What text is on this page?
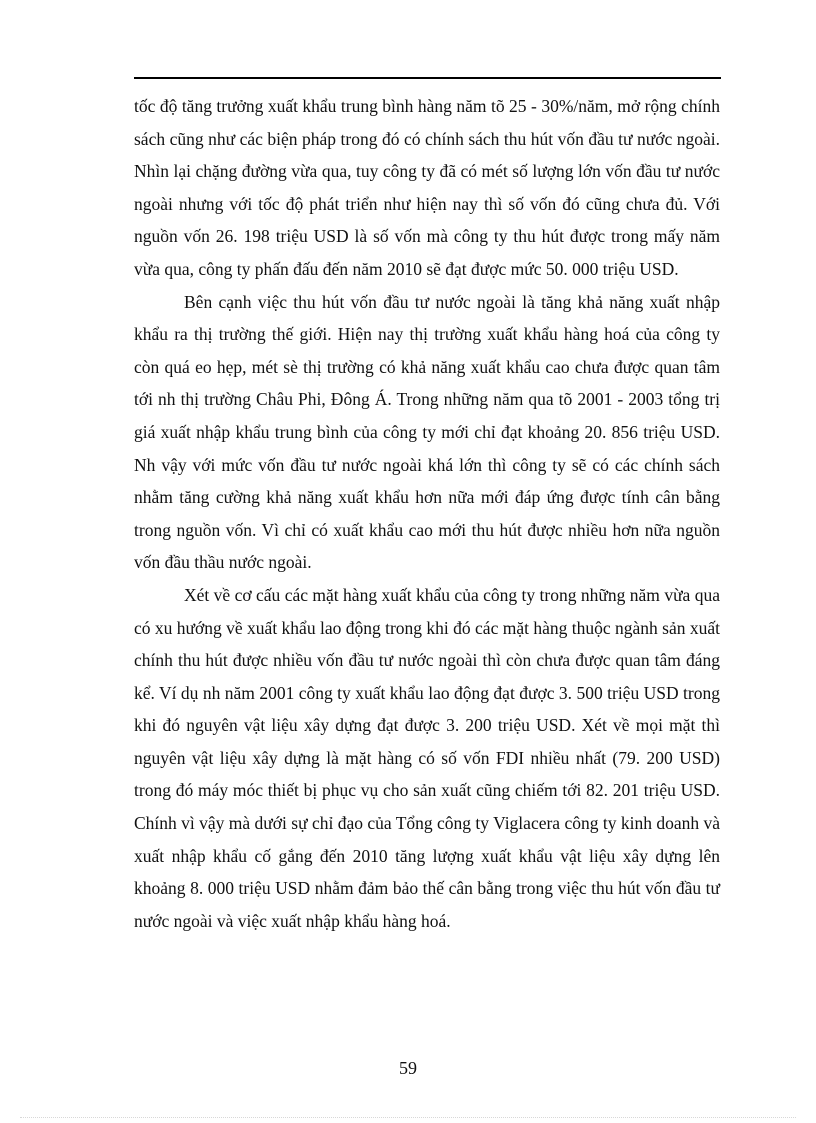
tốc độ tăng trưởng xuất khẩu trung bình hàng năm tõ 25 - 30%/năm, mở rộng chính sách cũng như các biện pháp trong đó có chính sách thu hút vốn đầu tư nước ngoài. Nhìn lại chặng đường vừa qua, tuy công ty đã có mét số lượng lớn vốn đầu tư nước ngoài nhưng với tốc độ phát triển như hiện nay thì số vốn đó cũng chưa đủ. Với nguồn vốn 26. 198 triệu USD là số vốn mà công ty thu hút được trong mấy năm vừa qua, công ty phấn đấu đến năm 2010 sẽ đạt được mức 50. 000 triệu USD.

Bên cạnh việc thu hút vốn đầu tư nước ngoài là tăng khả năng xuất nhập khẩu ra thị trường thế giới. Hiện nay thị trường xuất khẩu hàng hoá của công ty còn quá eo hẹp, mét sè thị trường có khả năng xuất khẩu cao chưa được quan tâm tới nh thị trường Châu Phi, Đông Á. Trong những năm qua tõ 2001 - 2003 tổng trị giá xuất nhập khẩu trung bình của công ty mới chỉ đạt khoảng 20. 856 triệu USD. Nh vậy với mức vốn đầu tư nước ngoài khá lớn thì công ty sẽ có các chính sách nhằm tăng cường khả năng xuất khẩu hơn nữa mới đáp ứng được tính cân bằng trong nguồn vốn. Vì chỉ có xuất khẩu cao mới thu hút được nhiều hơn nữa nguồn vốn đầu thầu nước ngoài.

Xét về cơ cấu các mặt hàng xuất khẩu của công ty trong những năm vừa qua có xu hướng về xuất khẩu lao động trong khi đó các mặt hàng thuộc ngành sản xuất chính thu hút được nhiều vốn đầu tư nước ngoài thì còn chưa được quan tâm đáng kể. Ví dụ nh năm 2001 công ty xuất khẩu lao động đạt được 3. 500 triệu USD trong khi đó nguyên vật liệu xây dựng đạt được 3. 200 triệu USD. Xét về mọi mặt thì nguyên vật liệu xây dựng là mặt hàng có số vốn FDI nhiều nhất (79. 200 USD) trong đó máy móc thiết bị phục vụ cho sản xuất cũng chiếm tới 82. 201 triệu USD. Chính vì vậy mà dưới sự chỉ đạo của Tổng công ty Viglacera công ty kinh doanh và xuất nhập khẩu cố gắng đến 2010 tăng lượng xuất khẩu vật liệu xây dựng lên khoảng 8. 000 triệu USD nhằm đảm bảo thế cân bằng trong việc thu hút vốn đầu tư nước ngoài và việc xuất nhập khẩu hàng hoá.

59
